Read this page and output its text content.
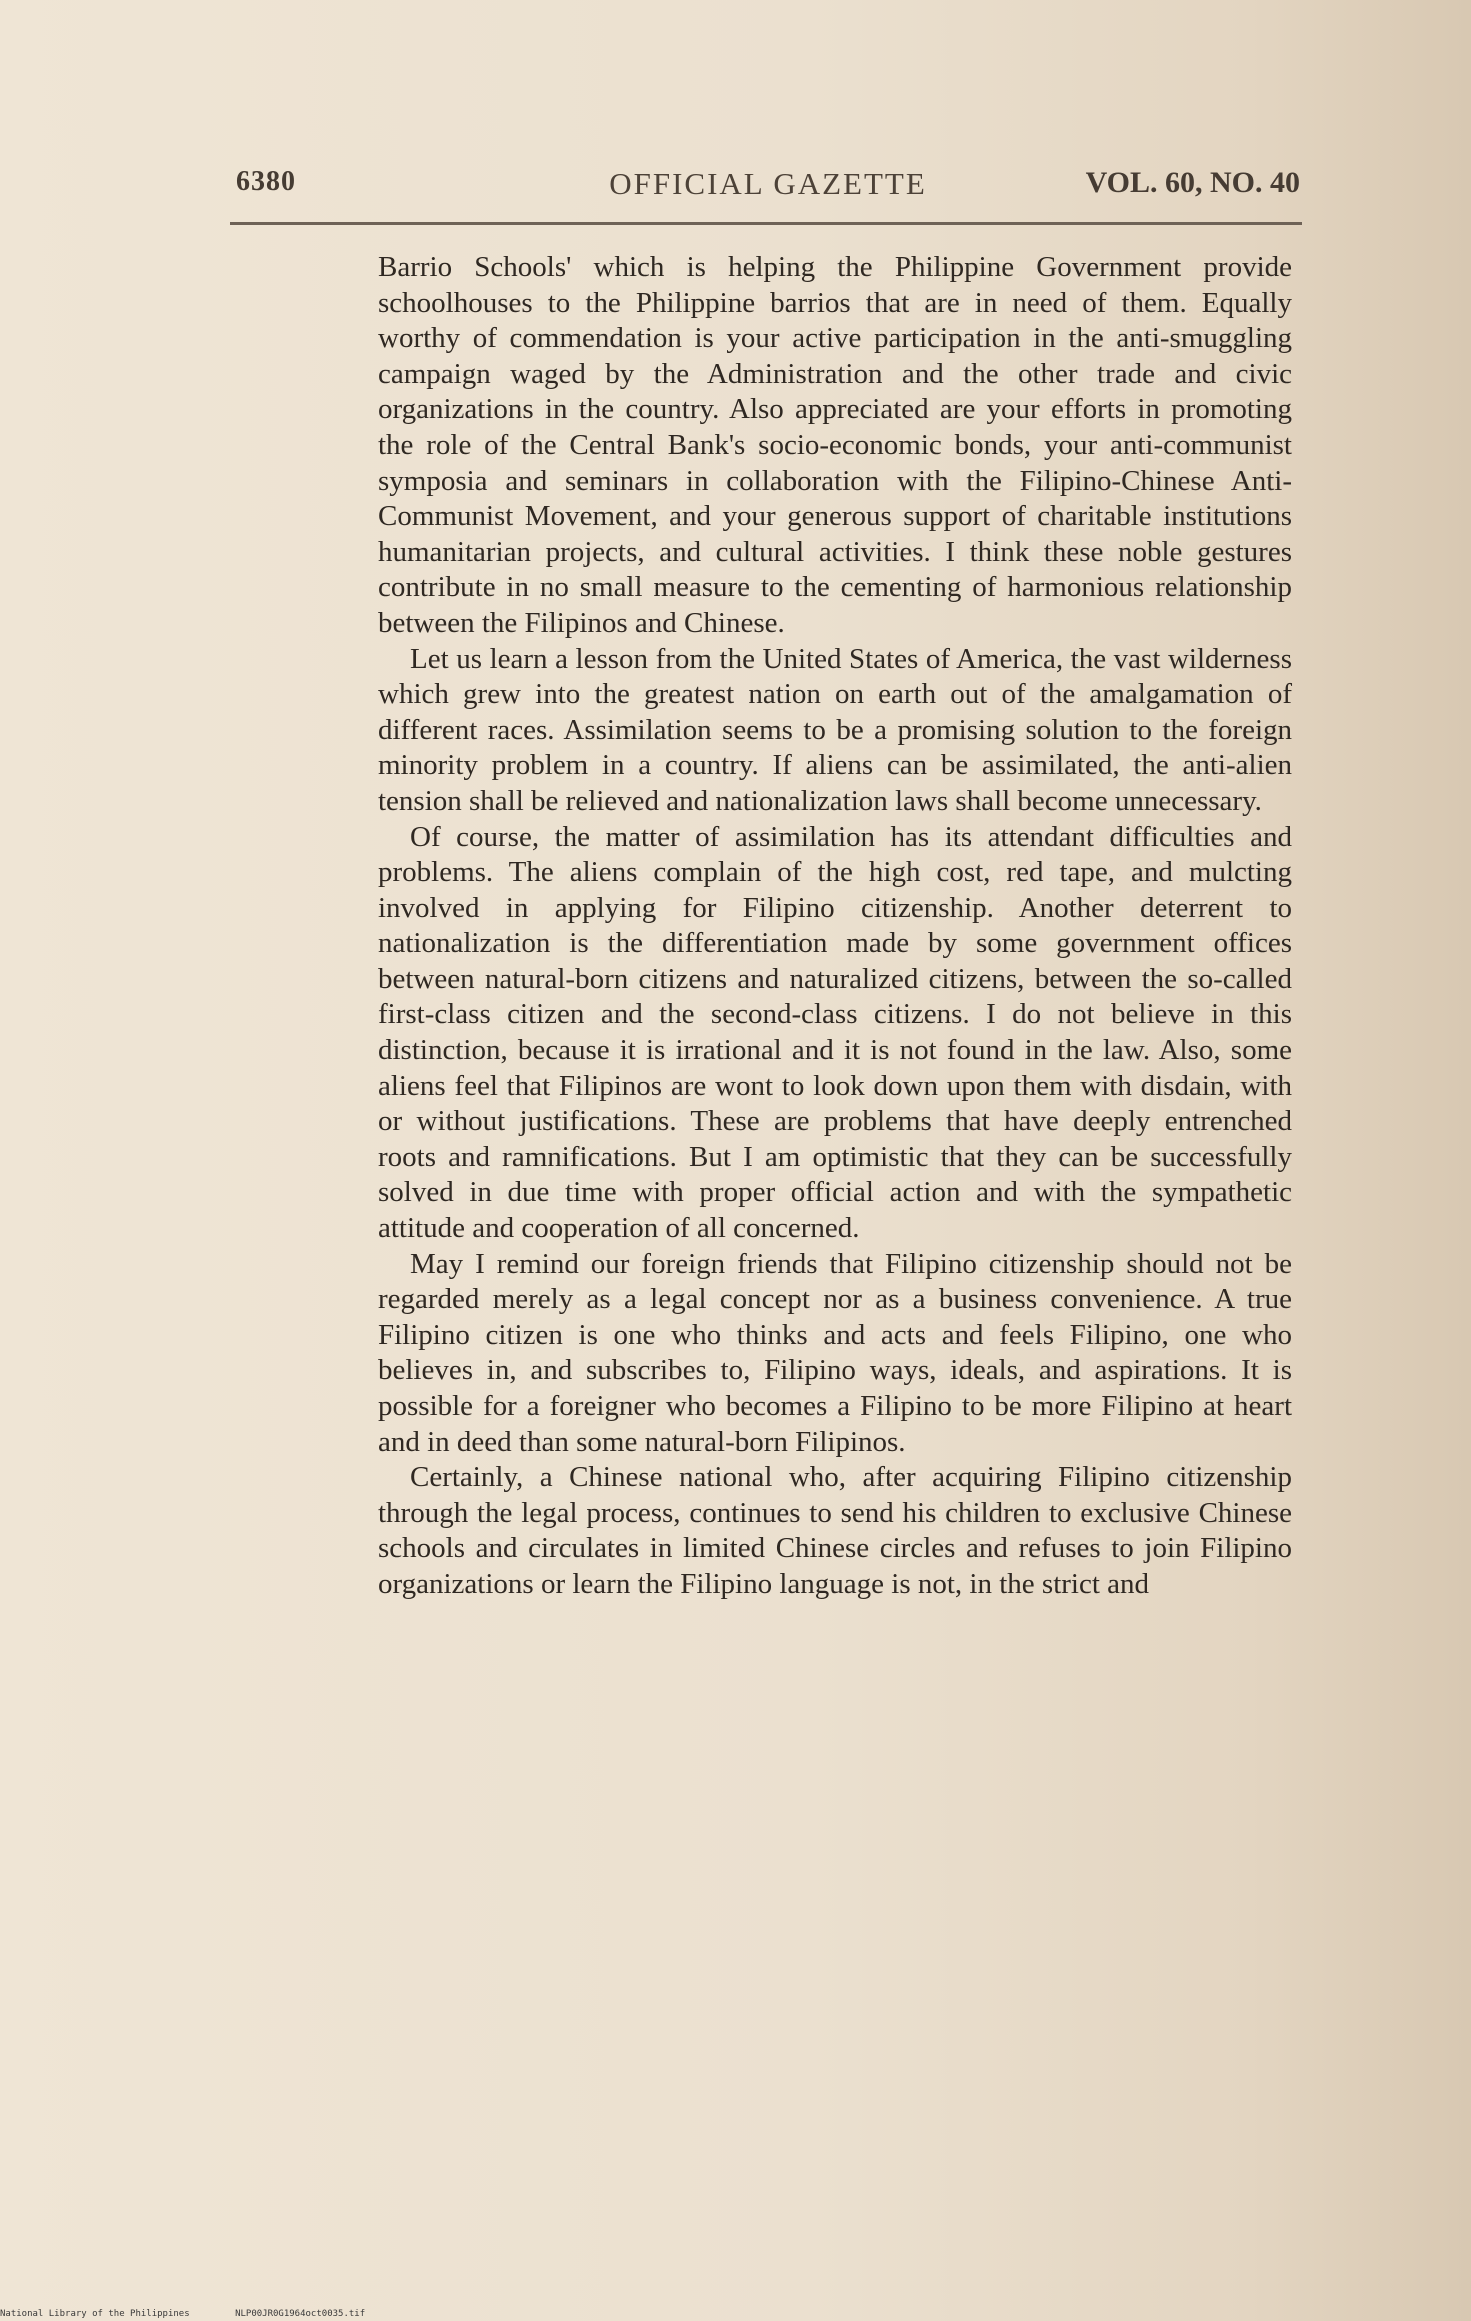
6380	OFFICIAL GAZETTE	VOL. 60, NO. 40

Barrio Schools' which is helping the Philippine Government provide schoolhouses to the Philippine barrios that are in need of them. Equally worthy of commendation is your active participation in the anti-smuggling campaign waged by the Administration and the other trade and civic organizations in the country. Also appreciated are your efforts in promoting the role of the Central Bank's socio-economic bonds, your anti-communist symposia and seminars in collaboration with the Filipino-Chinese Anti-Communist Movement, and your generous support of charitable institutions humanitarian projects, and cultural activities. I think these noble gestures contribute in no small measure to the cementing of harmonious relationship between the Filipinos and Chinese.

Let us learn a lesson from the United States of America, the vast wilderness which grew into the greatest nation on earth out of the amalgamation of different races. Assimilation seems to be a promising solution to the foreign minority problem in a country. If aliens can be assimilated, the anti-alien tension shall be relieved and nationalization laws shall become unnecessary.

Of course, the matter of assimilation has its attendant difficulties and problems. The aliens complain of the high cost, red tape, and mulcting involved in applying for Filipino citizenship. Another deterrent to nationalization is the differentiation made by some government offices between natural-born citizens and naturalized citizens, between the so-called first-class citizen and the second-class citizens. I do not believe in this distinction, because it is irrational and it is not found in the law. Also, some aliens feel that Filipinos are wont to look down upon them with disdain, with or without justifications. These are problems that have deeply entrenched roots and ramnifications. But I am optimistic that they can be successfully solved in due time with proper official action and with the sympathetic attitude and cooperation of all concerned.

May I remind our foreign friends that Filipino citizenship should not be regarded merely as a legal concept nor as a business convenience. A true Filipino citizen is one who thinks and acts and feels Filipino, one who believes in, and subscribes to, Filipino ways, ideals, and aspirations. It is possible for a foreigner who becomes a Filipino to be more Filipino at heart and in deed than some natural-born Filipinos.

Certainly, a Chinese national who, after acquiring Filipino citizenship through the legal process, continues to send his children to exclusive Chinese schools and circulates in limited Chinese circles and refuses to join Filipino organizations or learn the Filipino language is not, in the strict and

National Library of the Philippines	NLP00JR0G1964oct0035.tif
